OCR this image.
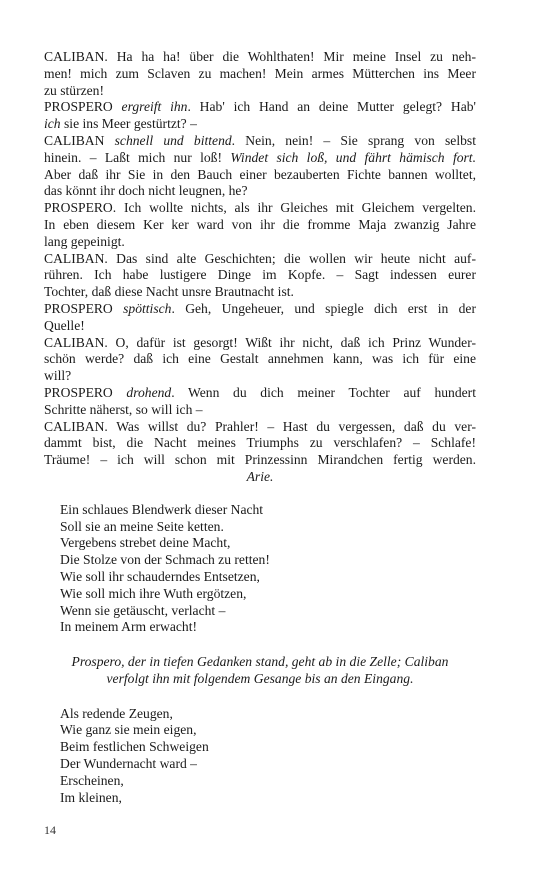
CALIBAN. Ha ha ha! über die Wohlthaten! Mir meine Insel zu neh-
men! mich zum Sclaven zu machen! Mein armes Mütterchen ins Meer
zu stürzen!

PROSPERO ergreift ihn. Hab' ich Hand an deine Mutter gelegt? Hab'
ich sie ins Meer gestürtzt? –

CALIBAN schnell und bittend. Nein, nein! – Sie sprang von selbst
hinein. – Laßt mich nur loß! Windet sich loß, und fährt hämisch fort.
Aber daß ihr Sie in den Bauch einer bezauberten Fichte bannen wolltet,
das könnt ihr doch nicht leugnen, he?

PROSPERO. Ich wollte nichts, als ihr Gleiches mit Gleichem vergelten.
In eben diesem Ker ker ward von ihr die fromme Maja zwanzig Jahre
lang gepeinigt.

CALIBAN. Das sind alte Geschichten; die wollen wir heute nicht auf-
rühren. Ich habe lustigere Dinge im Kopfe. – Sagt indessen eurer
Tochter, daß diese Nacht unsre Brautnacht ist.

PROSPERO spöttisch. Geh, Ungeheuer, und spiegle dich erst in der
Quelle!

CALIBAN. O, dafür ist gesorgt! Wißt ihr nicht, daß ich Prinz Wunder-
schön werde? daß ich eine Gestalt annehmen kann, was ich für eine
will?

PROSPERO drohend. Wenn du dich meiner Tochter auf hundert
Schritte näherst, so will ich –

CALIBAN. Was willst du? Prahler! – Hast du vergessen, daß du ver-
dammt bist, die Nacht meines Triumphs zu verschlafen? – Schlafe!
Träume! – ich will schon mit Prinzessinn Mirandchen fertig werden.

Arie.

Ein schlaues Blendwerk dieser Nacht
Soll sie an meine Seite ketten.
Vergebens strebet deine Macht,
Die Stolze von der Schmach zu retten!
Wie soll ihr schauderndes Entsetzen,
Wie soll mich ihre Wuth ergötzen,
Wenn sie getäuscht, verlacht –
In meinem Arm erwacht!
Prospero, der in tiefen Gedanken stand, geht ab in die Zelle; Caliban
verfolgt ihn mit folgendem Gesange bis an den Eingang.
Als redende Zeugen,
Wie ganz sie mein eigen,
Beim festlichen Schweigen
Der Wundernacht ward –
Erscheinen,
Im kleinen,
14
